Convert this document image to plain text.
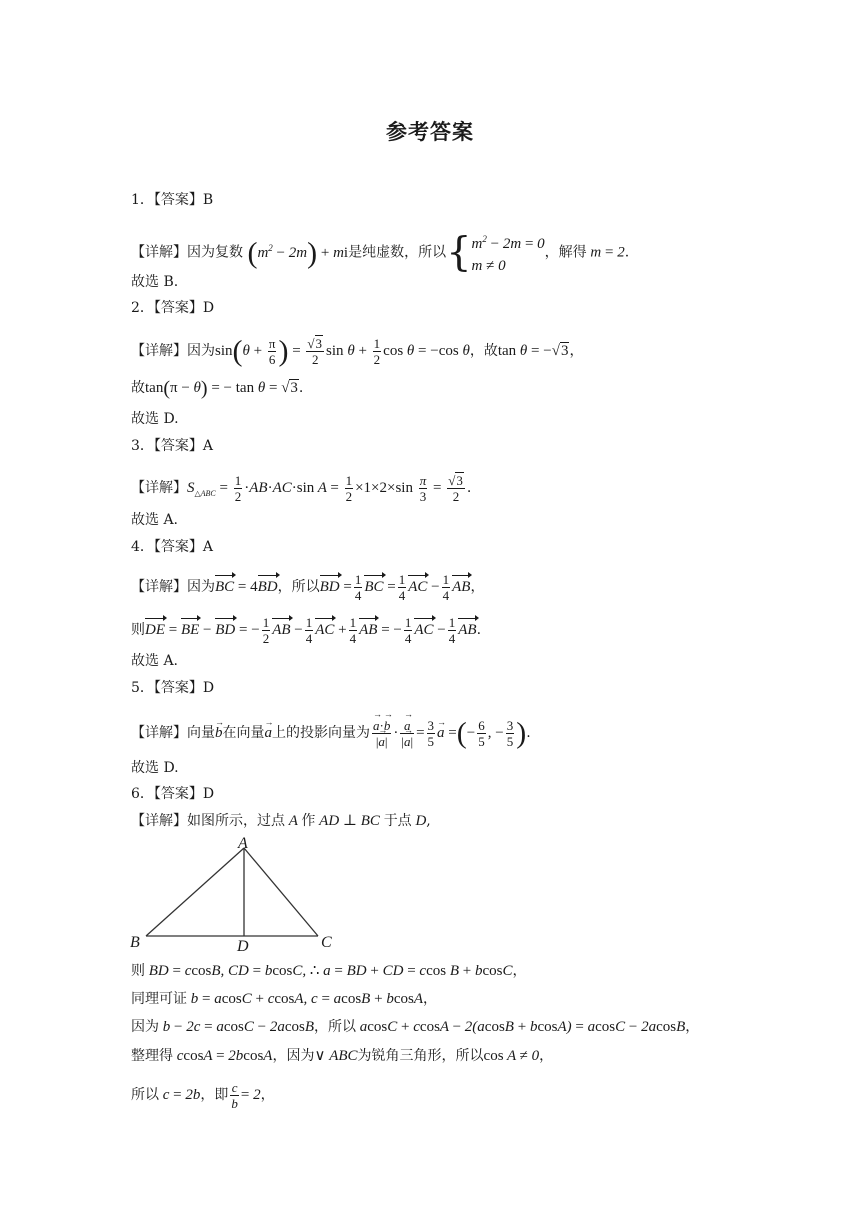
参考答案
1．【答案】B
【详解】因为复数 $(m^2 - 2m)$ + mi是纯虚数，所以{$m^2 - 2m = 0$
m ≠ 0，解得 m = 2.
故选 B.
2．【答案】D
【详解】因为$\sin(\theta + \frac{\pi}{6}$ ) = $\frac{√3}{2}$ $\sin \theta + \frac{1}{2}$ cos θ = −cos θ，故tan θ = −√3，
故tan(π − θ) = − tan θ = √3.
故选 D.
3．【答案】A
【详解】$S_{\triangle ABC} = \frac{1}{2} \cdot AB\cdot AC\cdot\sin$ $A = \frac{1}{2} \times 1\times 2\times\sin \frac{\pi}{3} = \frac{√3}{2}$ .
故选 A.
4．【答案】A
【详解】因为BC = 4BD，所以BD = $\frac{1}{4}$ BC = $\frac{1}{4}$ AC − $\frac{1}{4}$ AB，
则DE = BE − BD = − $\frac{1}{2}$ AB − $\frac{1}{4}$ AC + $\frac{1}{4}$ AB = − $\frac{1}{4}$ AC − $\frac{1}{4}$ AB.
故选 A.
5．【答案】D
【详解】向量b →在向量a →上的投影向量为 $\frac{a \to\cdot b \to}{|a \to|} \cdot \frac{a \to}{|a \to|} = \frac{3}{5}$ a → =(− $\frac{6}{5}$ , − $\frac{3}{5}$ ).
故选 D.
6．【答案】D
【详解】如图所示，过点 A 作 AD ⊥ BC 于点 D,
A
B	C
D
则 BD = ccosB, CD = bcosC, ∴ a = BD + CD = ccos B + bcosC，
同理可证 b = acosC + ccosA, c = acosB + bcosA，
因为 b − 2c = acosC − 2acosB，所以 acosC + ccosA − 2(acosB + bcosA) = acosC − 2acosB，
整理得 ccosA = 2bcosA，因为∨ ABC为锐角三角形，所以cos A ≠ 0，
所以 c = 2b，即 $\frac{c}{b} = 2$，
